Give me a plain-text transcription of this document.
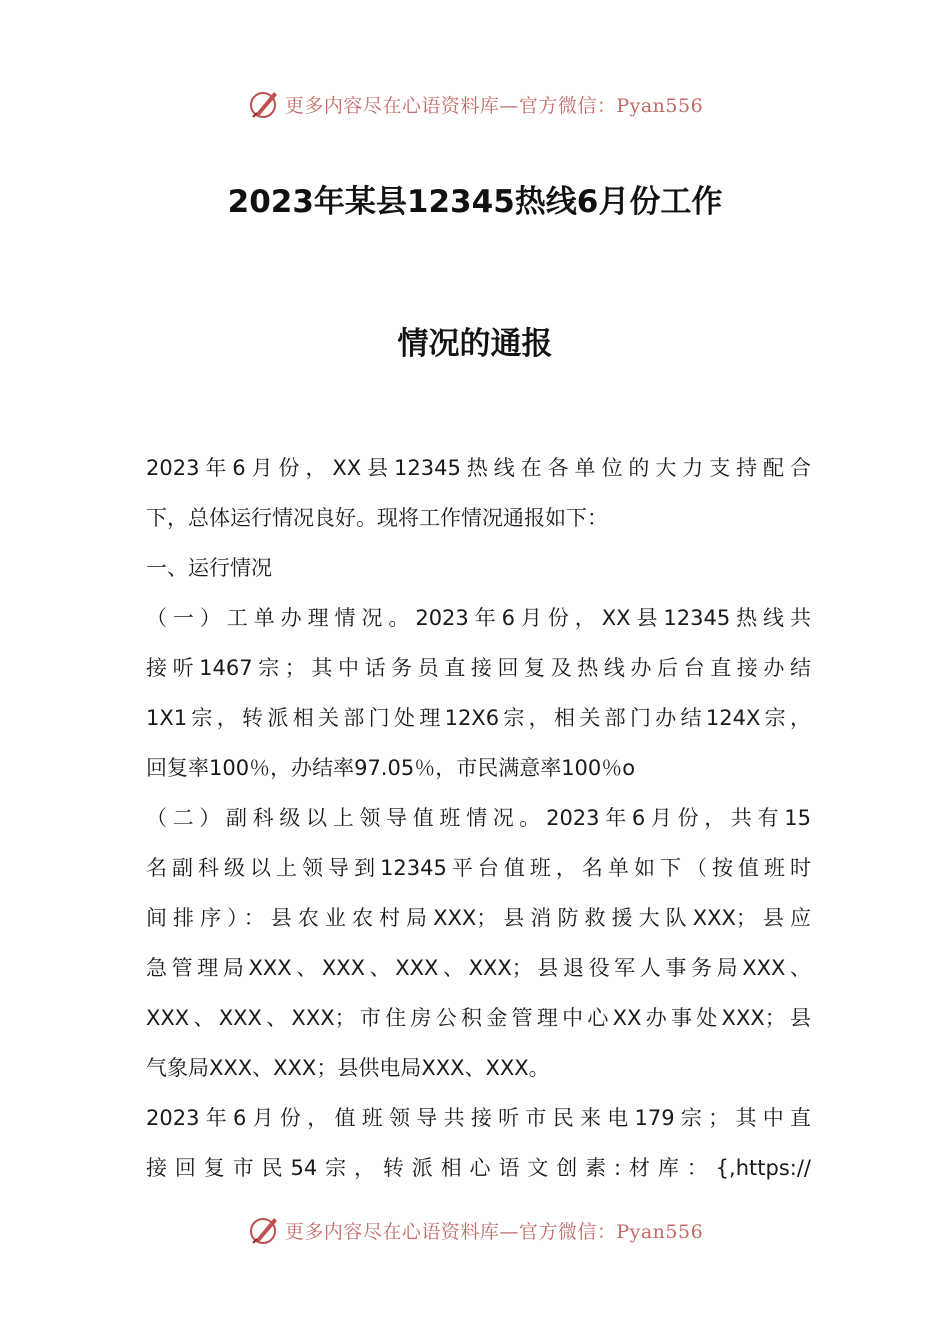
更多内容尽在心语资料库—官方微信：Pyan556
2023年某县12345热线6月份工作
情况的通报
2023年6月份，XX县12345热线在各单位的大力支持配合
下，总体运行情况良好。现将工作情况通报如下：
一、运行情况
（一）工单办理情况。2023年6月份，XX县12345热线共
接听1467宗；其中话务员直接回复及热线办后台直接办结
1X1宗，转派相关部门处理12X6宗，相关部门办结124X宗，
回复率100％，办结率97.05％，市民满意率100％o
（二）副科级以上领导值班情况。2023年6月份，共有15
名副科级以上领导到12345平台值班，名单如下（按值班时
间排序）：县农业农村局XXX；县消防救援大队XXX；县应
急管理局XXX、XXX、XXX、XXX；县退役军人事务局XXX、
XXX、XXX、XXX；市住房公积金管理中心XX办事处XXX；县
气象局XXX、XXX；县供电局XXX、XXX。
2023年6月份，值班领导共接听市民来电179宗；其中直
接回复市民54宗，转派相心语文创素:材库：{,https://
更多内容尽在心语资料库—官方微信：Pyan556
